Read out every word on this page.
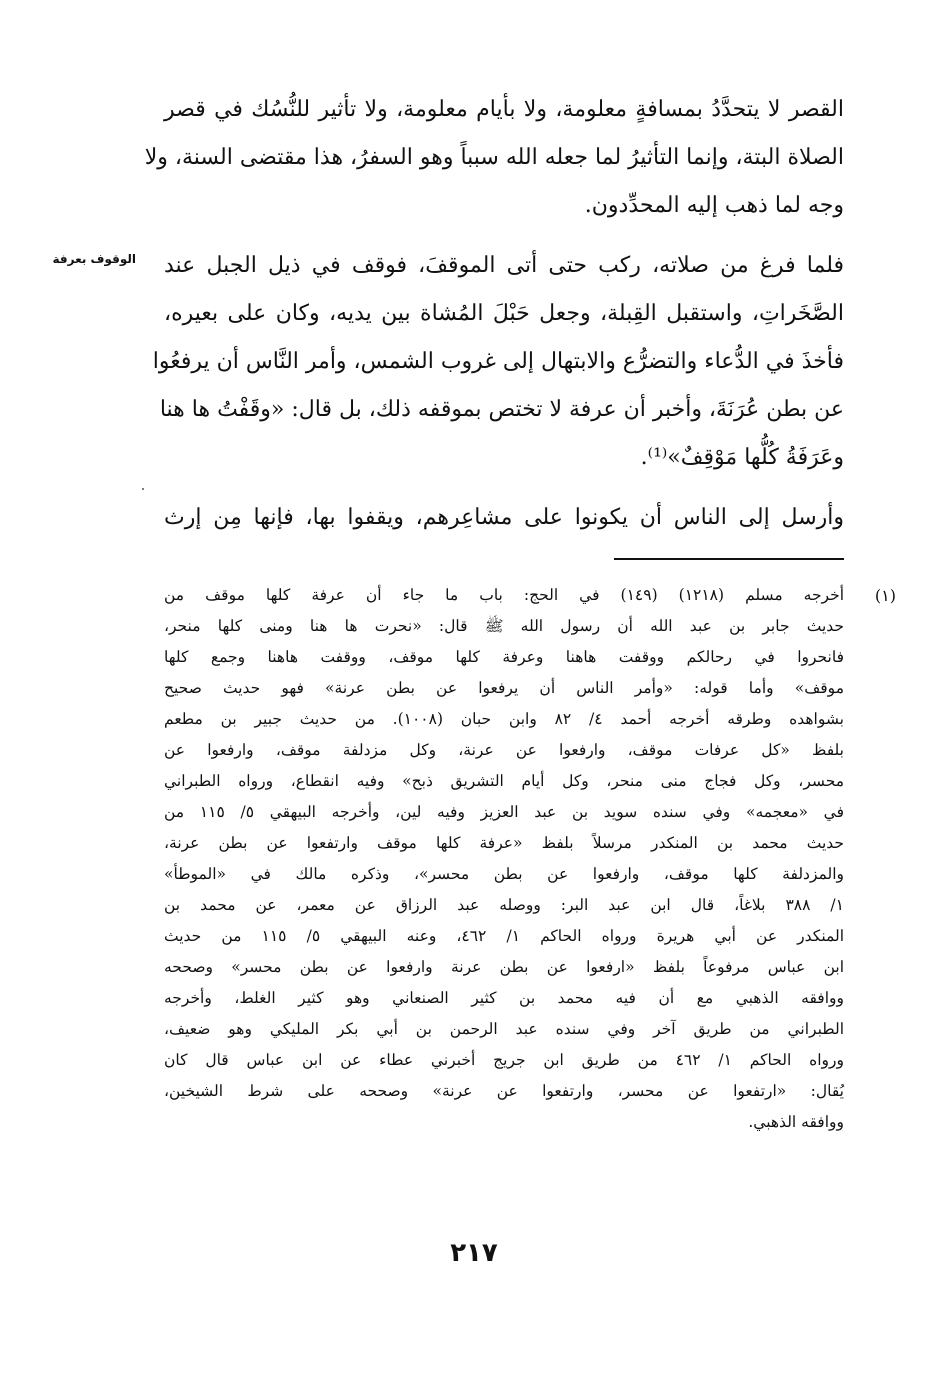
الوقوف بعرفة

القصر لا يتحدَّدُ بمسافةٍ معلومة، ولا بأيام معلومة، ولا تأثير للنُّسُك في قصر
الصلاة البتة، وإنما التأثيرُ لما جعله الله سبباً وهو السفرُ، هذا مقتضى السنة، ولا
وجه لما ذهب إليه المحدِّدون.

فلما فرغ من صلاته، ركب حتى أتى الموقفَ، فوقف في ذيل الجبل عند
الصَّخَراتِ، واستقبل القِبلة، وجعل حَبْلَ المُشاة بين يديه، وكان على بعيره،
فأخذَ في الدُّعاء والتضرُّع والابتهال إلى غروب الشمس، وأمر النَّاس أن يرفعُوا
عن بطن عُرَنَةَ، وأخبر أن عرفة لا تختص بموقفه ذلك، بل قال: «وقَفْتُ ها هنا
وعَرَفَةُ كُلُّها مَوْقِفٌ»⁽¹⁾.

وأرسل إلى الناس أن يكونوا على مشاعِرهم، ويقفوا بها، فإنها مِن إرث

(١)
أخرجه مسلم (١٢١٨) (١٤٩) في الحج: باب ما جاء أن عرفة كلها موقف من
حديث جابر بن عبد الله أن رسول الله ﷺ قال: «نحرت ها هنا ومنى كلها منحر،
فانحروا في رحالكم ووقفت هاهنا وعرفة كلها موقف، ووقفت هاهنا وجمع كلها
موقف» وأما قوله: «وأمر الناس أن يرفعوا عن بطن عرنة» فهو حديث صحيح
بشواهده وطرقه أخرجه أحمد ٤/ ٨٢ وابن حبان (١٠٠٨). من حديث جبير بن مطعم
بلفظ «كل عرفات موقف، وارفعوا عن عرنة، وكل مزدلفة موقف، وارفعوا عن
محسر، وكل فجاج منى منحر، وكل أيام التشريق ذبح» وفيه انقطاع، ورواه الطبراني
في «معجمه» وفي سنده سويد بن عبد العزيز وفيه لين، وأخرجه البيهقي ٥/ ١١٥ من
حديث محمد بن المنكدر مرسلاً بلفظ «عرفة كلها موقف وارتفعوا عن بطن عرنة،
والمزدلفة كلها موقف، وارفعوا عن بطن محسر»، وذكره مالك في «الموطأ»
١/ ٣٨٨ بلاغاً، قال ابن عبد البر: ووصله عبد الرزاق عن معمر، عن محمد بن
المنكدر عن أبي هريرة ورواه الحاكم ١/ ٤٦٢، وعنه البيهقي ٥/ ١١٥ من حديث
ابن عباس مرفوعاً بلفظ «ارفعوا عن بطن عرنة وارفعوا عن بطن محسر» وصححه
ووافقه الذهبي مع أن فيه محمد بن كثير الصنعاني وهو كثير الغلط، وأخرجه
الطبراني من طريق آخر وفي سنده عبد الرحمن بن أبي بكر المليكي وهو ضعيف،
ورواه الحاكم ١/ ٤٦٢ من طريق ابن جريج أخبرني عطاء عن ابن عباس قال كان
يُقال: «ارتفعوا عن محسر، وارتفعوا عن عرنة» وصححه على شرط الشيخين،
ووافقه الذهبي.
٢١٧
